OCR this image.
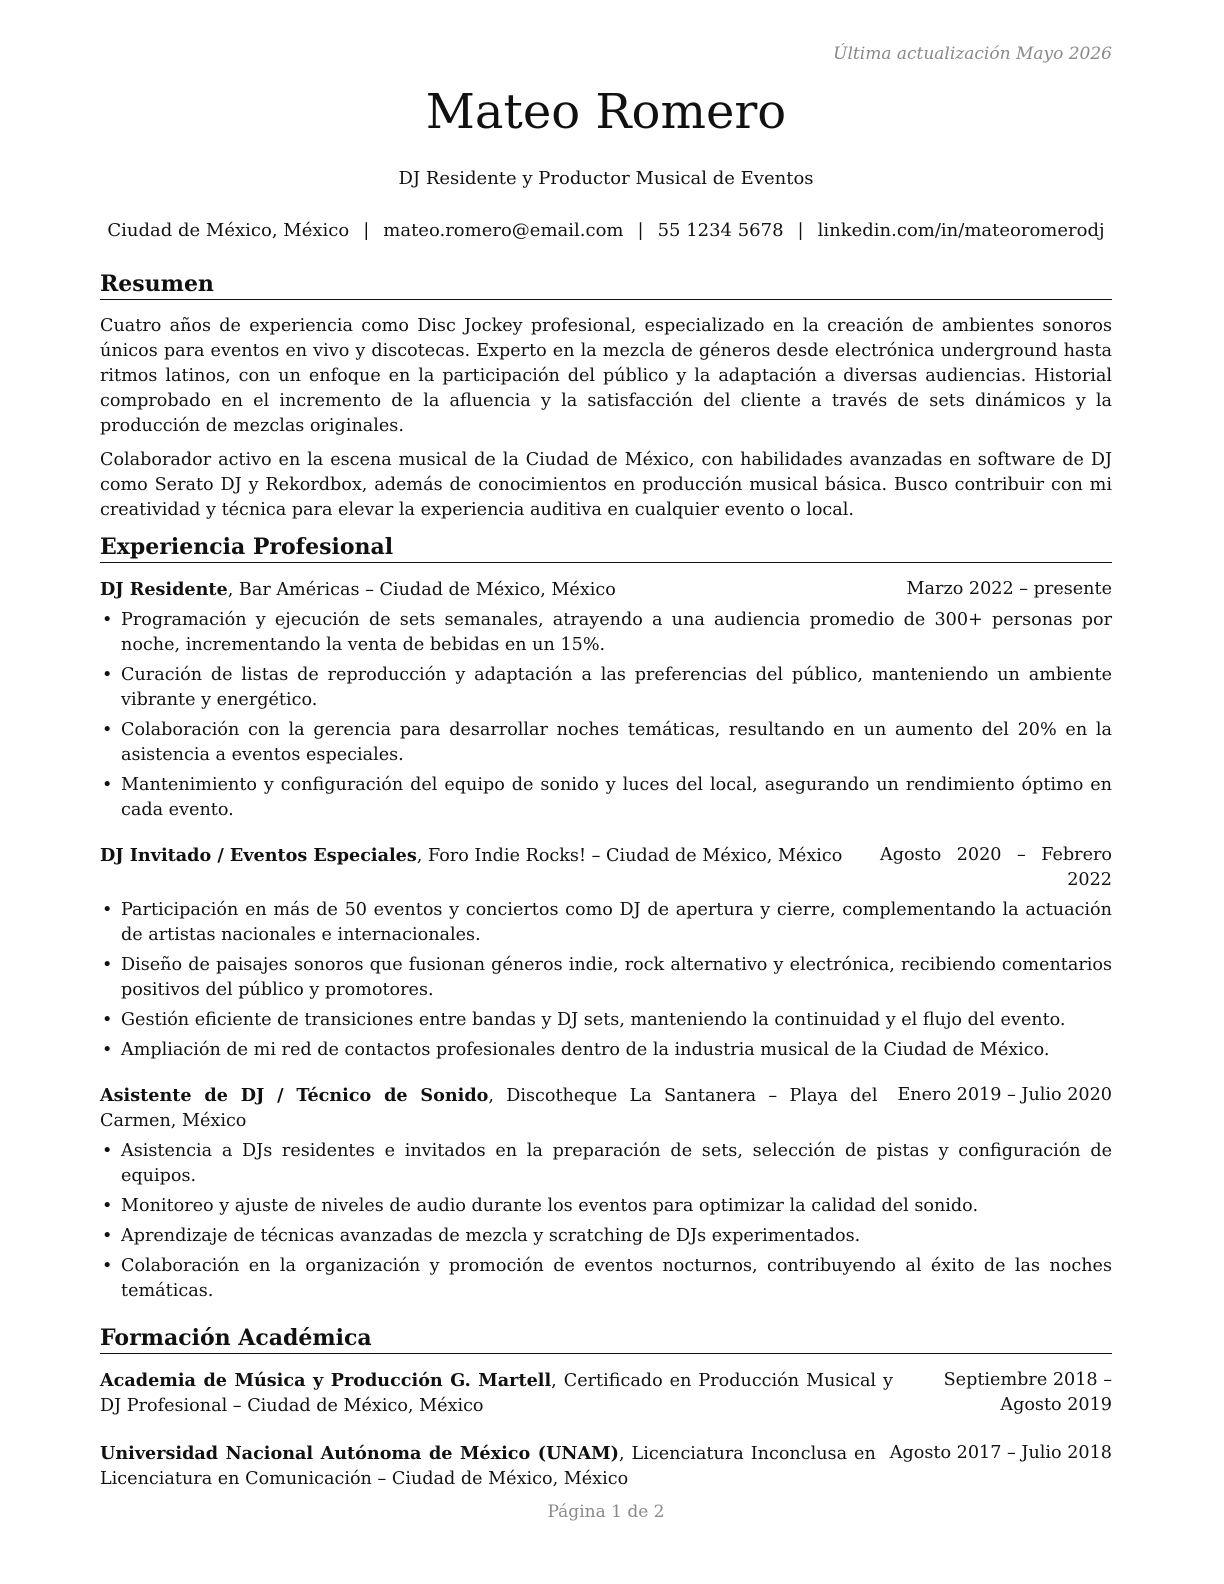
Última actualización Mayo 2026
Mateo Romero
DJ Residente y Productor Musical de Eventos
Ciudad de México, México | mateo.romero@email.com | 55 1234 5678 | linkedin.com/in/mateoromerodj
Resumen

Cuatro años de experiencia como Disc Jockey profesional, especializado en la creación de ambientes sonoros únicos para eventos en vivo y discotecas. Experto en la mezcla de géneros desde electrónica underground hasta ritmos latinos, con un enfoque en la participación del público y la adaptación a diversas audiencias. Historial comprobado en el incremento de la afluencia y la satisfacción del cliente a través de sets dinámicos y la producción de mezclas originales.

Colaborador activo en la escena musical de la Ciudad de México, con habilidades avanzadas en software de DJ como Serato DJ y Rekordbox, además de conocimientos en producción musical básica. Busco contribuir con mi creatividad y técnica para elevar la experiencia auditiva en cualquier evento o local.

Experiencia Profesional
DJ Residente, Bar Américas – Ciudad de México, México	Marzo 2022 – presente
• Programación y ejecución de sets semanales, atrayendo a una audiencia promedio de 300+ personas por noche, incrementando la venta de bebidas en un 15%.
• Curación de listas de reproducción y adaptación a las preferencias del público, manteniendo un ambiente vibrante y energético.
• Colaboración con la gerencia para desarrollar noches temáticas, resultando en un aumento del 20% en la asistencia a eventos especiales.
• Mantenimiento y configuración del equipo de sonido y luces del local, asegurando un rendimiento óptimo en cada evento.
DJ Invitado / Eventos Especiales, Foro Indie Rocks! – Ciudad de México, México	Agosto 2020 – Febrero 2022
• Participación en más de 50 eventos y conciertos como DJ de apertura y cierre, complementando la actuación de artistas nacionales e internacionales.
• Diseño de paisajes sonoros que fusionan géneros indie, rock alternativo y electrónica, recibiendo comentarios positivos del público y promotores.
• Gestión eficiente de transiciones entre bandas y DJ sets, manteniendo la continuidad y el flujo del evento.
• Ampliación de mi red de contactos profesionales dentro de la industria musical de la Ciudad de México.
Asistente de DJ / Técnico de Sonido, Discotheque La Santanera – Playa del Carmen, México
Enero 2019 – Julio 2020
• Asistencia a DJs residentes e invitados en la preparación de sets, selección de pistas y configuración de equipos.
• Monitoreo y ajuste de niveles de audio durante los eventos para optimizar la calidad del sonido.
• Aprendizaje de técnicas avanzadas de mezcla y scratching de DJs experimentados.
• Colaboración en la organización y promoción de eventos nocturnos, contribuyendo al éxito de las noches temáticas.
Formación Académica
Academia de Música y Producción G. Martell, Certificado en Producción Musical y DJ Profesional – Ciudad de México, México
Septiembre 2018 – Agosto 2019
Universidad Nacional Autónoma de México (UNAM), Licenciatura Inconclusa en Licenciatura en Comunicación – Ciudad de México, México
Agosto 2017 – Julio 2018
Página 1 de 2
